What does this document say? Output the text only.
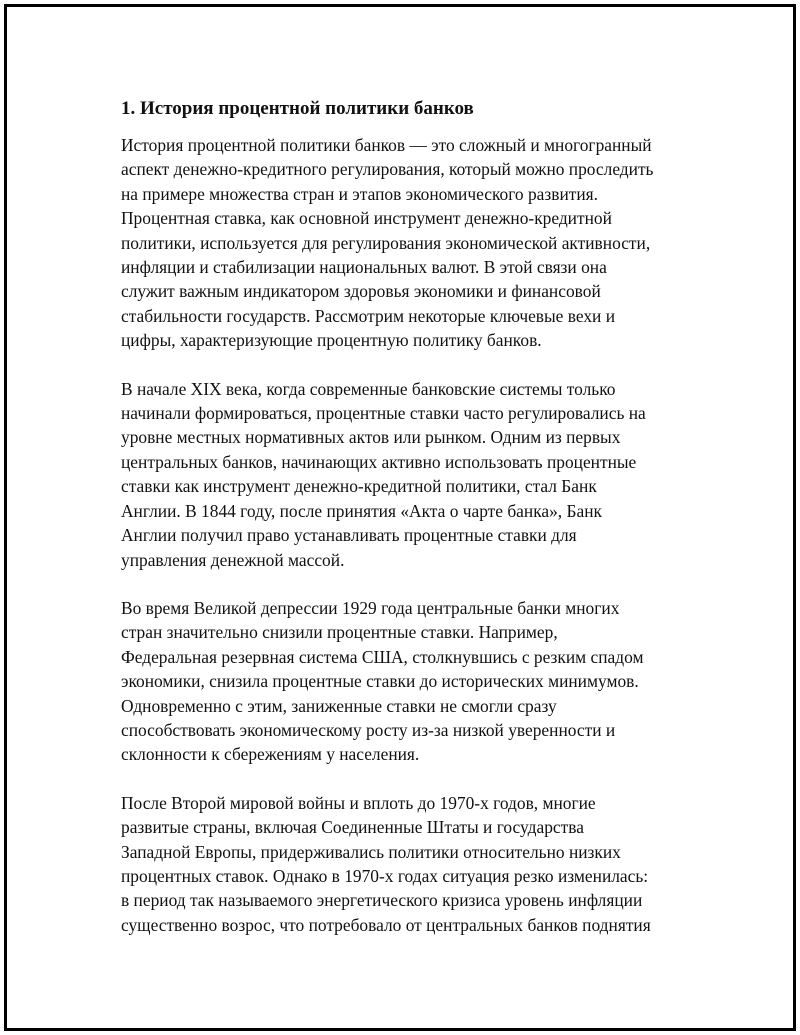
1. История процентной политики банков

История процентной политики банков — это сложный и многогранный
аспект денежно-кредитного регулирования, который можно проследить
на примере множества стран и этапов экономического развития.
Процентная ставка, как основной инструмент денежно-кредитной
политики, используется для регулирования экономической активности,
инфляции и стабилизации национальных валют. В этой связи она
служит важным индикатором здоровья экономики и финансовой
стабильности государств. Рассмотрим некоторые ключевые вехи и
цифры, характеризующие процентную политику банков.

В начале XIX века, когда современные банковские системы только
начинали формироваться, процентные ставки часто регулировались на
уровне местных нормативных актов или рынком. Одним из первых
центральных банков, начинающих активно использовать процентные
ставки как инструмент денежно-кредитной политики, стал Банк
Англии. В 1844 году, после принятия «Акта о чарте банка», Банк
Англии получил право устанавливать процентные ставки для
управления денежной массой.

Во время Великой депрессии 1929 года центральные банки многих
стран значительно снизили процентные ставки. Например,
Федеральная резервная система США, столкнувшись с резким спадом
экономики, снизила процентные ставки до исторических минимумов.
Одновременно с этим, заниженные ставки не смогли сразу
способствовать экономическому росту из-за низкой уверенности и
склонности к сбережениям у населения.

После Второй мировой войны и вплоть до 1970-х годов, многие
развитые страны, включая Соединенные Штаты и государства
Западной Европы, придерживались политики относительно низких
процентных ставок. Однако в 1970-х годах ситуация резко изменилась:
в период так называемого энергетического кризиса уровень инфляции
существенно возрос, что потребовало от центральных банков поднятия
